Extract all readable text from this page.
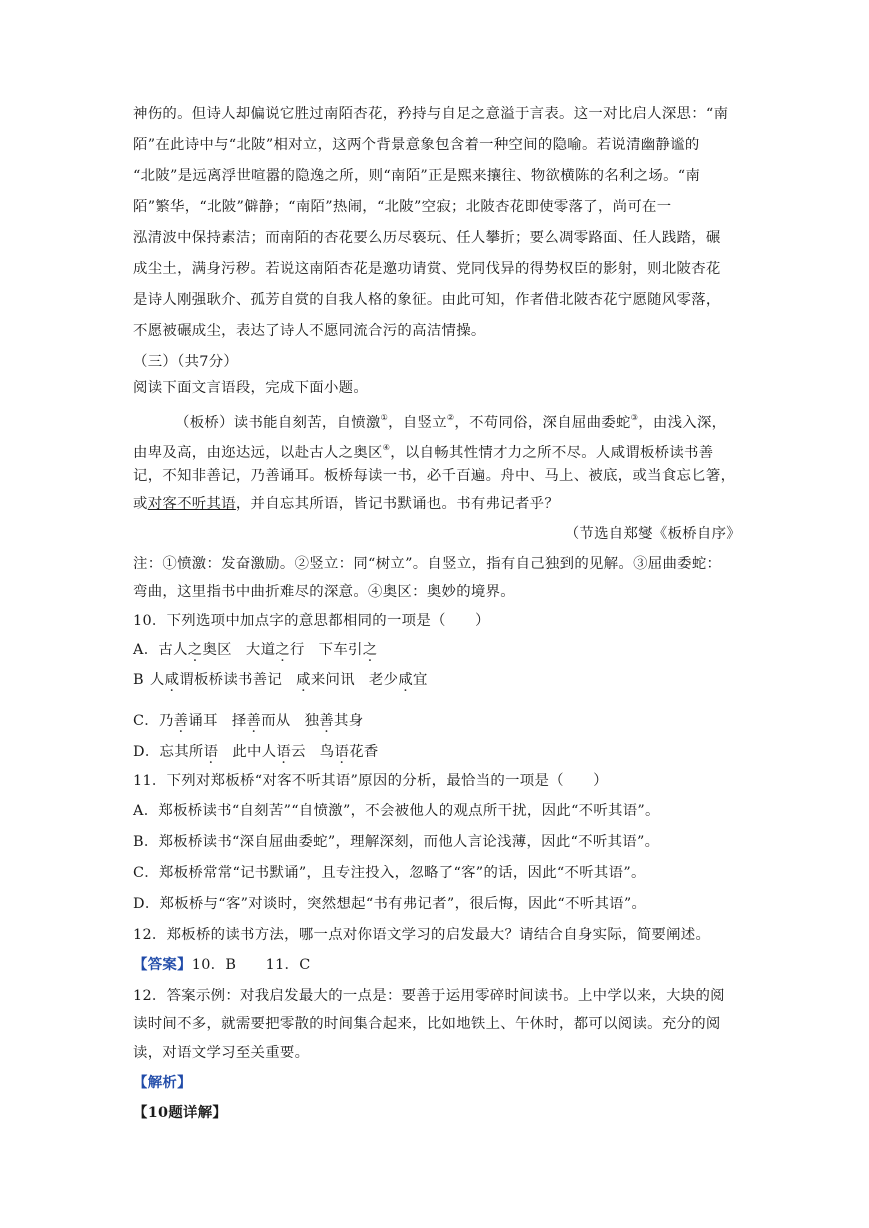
神伤的。但诗人却偏说它胜过南陌杏花，矜持与自足之意溢于言表。这一对比启人深思：“南
陌”在此诗中与“北陂”相对立，这两个背景意象包含着一种空间的隐喻。若说清幽静谧的
“北陂”是远离浮世喧嚣的隐逸之所，则“南陌”正是熙来攘往、物欲横陈的名利之场。“南
陌”繁华，“北陂”僻静；“南陌”热闹，“北陂”空寂；北陂杏花即使零落了，尚可在一
泓清波中保持素洁；而南陌的杏花要么历尽亵玩、任人攀折；要么凋零路面、任人践踏，碾
成尘土，满身污秽。若说这南陌杏花是邀功请赏、党同伐异的得势权臣的影射，则北陂杏花
是诗人刚强耿介、孤芳自赏的自我人格的象征。由此可知，作者借北陂杏花宁愿随风零落，
不愿被碾成尘，表达了诗人不愿同流合污的高洁情操。
（三）（共7分）
阅读下面文言语段，完成下面小题。
（板桥）读书能自刻苦，自愤激①，自竖立②，不苟同俗，深自屈曲委蛇③，由浅入深，
由卑及高，由迩达远，以赴古人之奥区④，以自畅其性情才力之所不尽。人咸谓板桥读书善
记，不知非善记，乃善诵耳。板桥每读一书，必千百遍。舟中、马上、被底，或当食忘匕箸，
或对客不听其语，并自忘其所语，皆记书默诵也。书有弗记者乎？
（节选自郑燮《板桥自序》
注：①愤激：发奋激励。②竖立：同“树立”。自竖立，指有自己独到的见解。③屈曲委蛇：
弯曲，这里指书中曲折难尽的深意。④奥区：奥妙的境界。
10．下列选项中加点字的意思都相同的一项是（　　）
A．古人之奥区 大道之行 下车引之
B 人咸谓板桥读书善记 咸来问讯 老少咸宜
C．乃善诵耳 择善而从 独善其身
D．忘其所语 此中人语云 鸟语花香
11．下列对郑板桥“对客不听其语”原因的分析，最恰当的一项是（　　）
A．郑板桥读书“自刻苦”“自愤激”，不会被他人的观点所干扰，因此“不听其语”。
B．郑板桥读书“深自屈曲委蛇”，理解深刻，而他人言论浅薄，因此“不听其语”。
C．郑板桥常常“记书默诵”，且专注投入，忽略了“客”的话，因此“不听其语”。
D．郑板桥与“客”对谈时，突然想起“书有弗记者”，很后悔，因此“不听其语”。
12．郑板桥的读书方法，哪一点对你语文学习的启发最大？请结合自身实际，简要阐述。
【答案】10．B　　11．C
12．答案示例：对我启发最大的一点是：要善于运用零碎时间读书。上中学以来，大块的阅
读时间不多，就需要把零散的时间集合起来，比如地铁上、午休时，都可以阅读。充分的阅
读，对语文学习至关重要。
【解析】
【10题详解】
